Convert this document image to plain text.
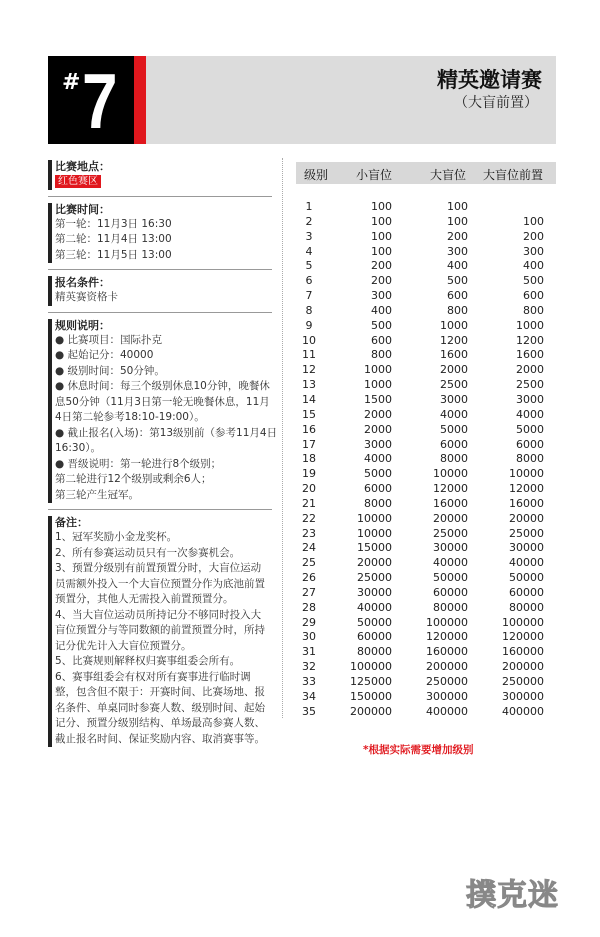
# 7	精英邀请赛
（大盲前置）
比赛地点：
红色赛区
比赛时间：
第一轮：11月3日 16:30
第二轮：11月4日 13:00
第三轮：11月5日 13:00
报名条件：
精英赛资格卡
规则说明：
● 比赛项目：国际扑克
● 起始记分：40000
● 级别时间：50分钟。
● 休息时间：每三个级别休息10分钟，晚餐休
息50分钟（11月3日第一轮无晚餐休息，11月
4日第二轮参考18:10-19:00）。
● 截止报名(入场)：第13级别前（参考11月4日
16:30）。
● 晋级说明：第一轮进行8个级别；
第二轮进行12个级别或剩余6人；
第三轮产生冠军。
备注：
1、冠军奖励小金龙奖杯。
2、所有参赛运动员只有一次参赛机会。
3、预置分级别有前置预置分时，大盲位运动
员需额外投入一个大盲位预置分作为底池前置
预置分，其他人无需投入前置预置分。
4、当大盲位运动员所持记分不够同时投入大
盲位预置分与等同数额的前置预置分时，所持
记分优先计入大盲位预置分。
5、比赛规则解释权归赛事组委会所有。
6、赛事组委会有权对所有赛事进行临时调
整，包含但不限于：开赛时间、比赛场地、报
名条件、单桌同时参赛人数、级别时间、起始
记分、预置分级别结构、单场最高参赛人数、
截止报名时间、保证奖励内容、取消赛事等。
级别 小盲位	大盲位 大盲位前置
1	100	100
2	100	100	100
3	100	200	200
4	100	300	300
5	200	400	400
6	200	500	500
7	300	600	600
8	400	800	800
9	500	1000	1000
10	600	1200	1200
11	800	1600	1600
12	1000	2000	2000
13	1000	2500	2500
14	1500	3000	3000
15	2000	4000	4000
16	2000	5000	5000
17	3000	6000	6000
18	4000	8000	8000
19	5000	10000	10000
20	6000	12000	12000
21	8000	16000	16000
22	10000	20000	20000
23	10000	25000	25000
24	15000	30000	30000
25	20000	40000	40000
26	25000	50000	50000
27	30000	60000	60000
28	40000	80000	80000
29	50000	100000	100000
30	60000	120000	120000
31	80000	160000	160000
32	100000	200000	200000
33	125000	250000	250000
34	150000	300000	300000
35	200000	400000	400000
*根据实际需要增加级别
撲克迷
